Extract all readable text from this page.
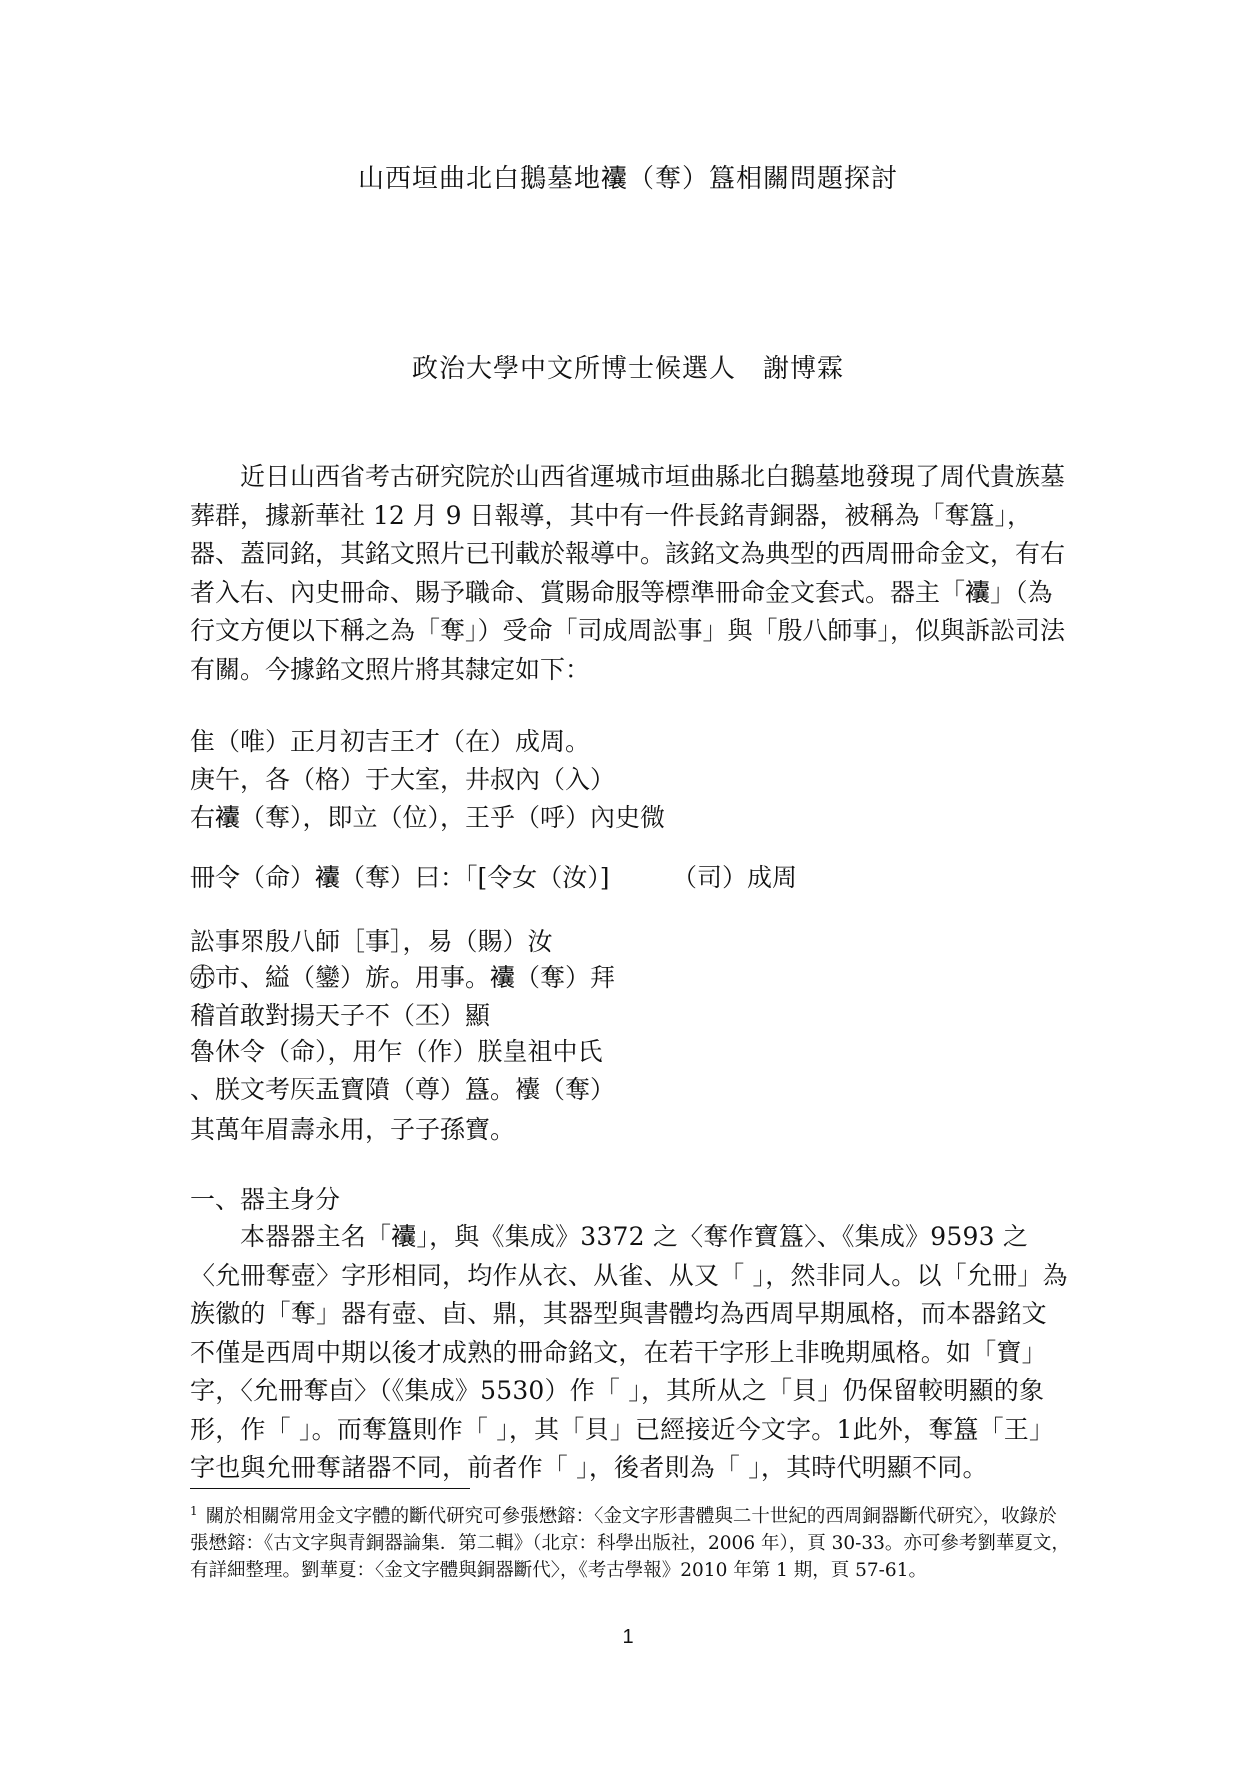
山西垣曲北白鵝墓地𧟘（奪）簋相關問題探討
政治大學中文所博士候選人　謝博霖

近日山西省考古研究院於山西省運城市垣曲縣北白鵝墓地發現了周代貴族墓葬群，據新華社 12 月 9 日報導，其中有一件長銘青銅器，被稱為「奪簋」，器、蓋同銘，其銘文照片已刊載於報導中。該銘文為典型的西周冊命金文，有右者入右、內史冊命、賜予職命、賞賜命服等標準冊命金文套式。器主「𧟘」（為行文方便以下稱之為「奪」）受命「司成周訟事」與「殷八師事」，似與訴訟司法有關。今據銘文照片將其隸定如下：

隹（唯）正月初吉王才（在）成周。
庚午，各（格）于大室，井叔內（入）
右𧟘（奪），即立（位），王乎（呼）內史微
冊令（命）𧟘（奪）曰：「[令女（汝）]　　　（司）成周
訟事眔殷八師［事］，易（賜）汝
赤⃝市、縊（鑾）旂。用事。𧟘（奪）拜
稽首敢對揚天子不（丕）顯
魯休令（命），用乍（作）朕皇祖中氏
、朕文考𥎦盂寶隫（尊）簋。𧟘（奪）
其萬年眉壽永用，子子孫寶。
一、器主身分

本器器主名「𧟘」，與《集成》3372 之〈奪作寶簋〉、《集成》9593 之〈允冊奪壺〉字形相同，均作从衣、从雀、从又「 」，然非同人。以「允冊」為族徽的「奪」器有壺、卣、鼎，其器型與書體均為西周早期風格，而本器銘文不僅是西周中期以後才成熟的冊命銘文，在若干字形上非晚期風格。如「寶」字，〈允冊奪卣〉（《集成》5530）作「 」，其所从之「貝」仍保留較明顯的象形，作「 」。而奪簋則作「 」，其「貝」已經接近今文字。1此外，奪簋「王」字也與允冊奪諸器不同，前者作「 」，後者則為「 」，其時代明顯不同。

$^1$ 關於相關常用金文字體的斷代研究可參張懋鎔：〈金文字形書體與二十世紀的西周銅器斷代研究〉，收錄於張懋鎔：《古文字與青銅器論集．第二輯》（北京：科學出版社，2006 年），頁 30-33。亦可參考劉華夏文，有詳細整理。劉華夏：〈金文字體與銅器斷代〉，《考古學報》2010 年第 1 期，頁 57-61。
1
